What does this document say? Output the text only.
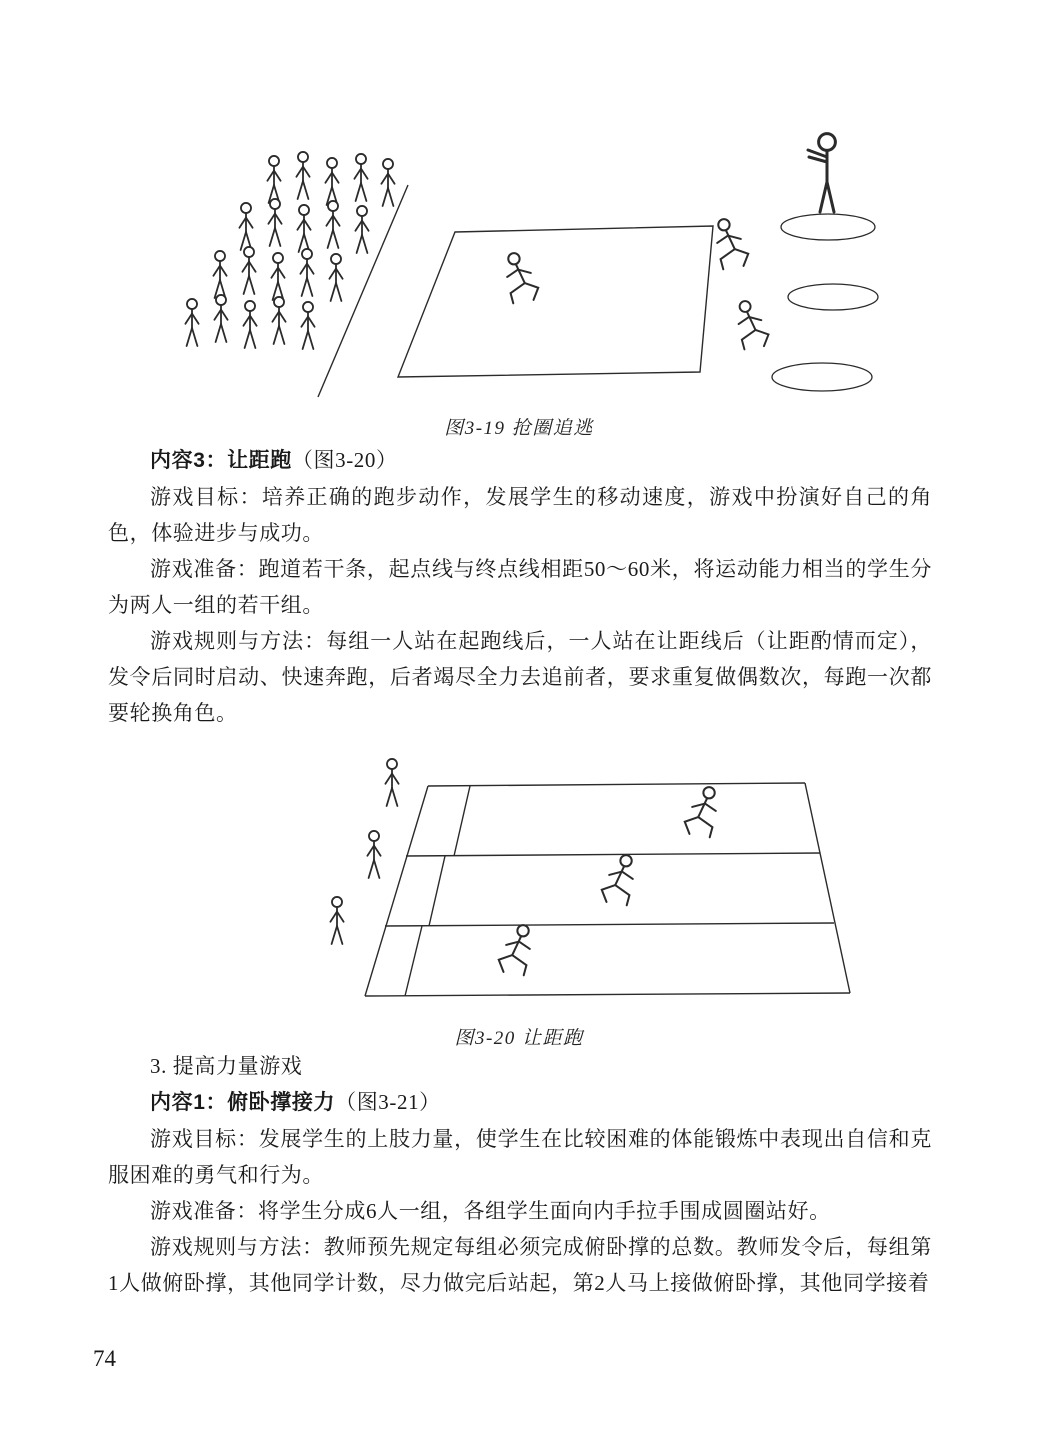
图3-19 抢圈追逃

内容3：让距跑（图3-20）

游戏目标：培养正确的跑步动作，发展学生的移动速度，游戏中扮演好自己的角色，体验进步与成功。

游戏准备：跑道若干条，起点线与终点线相距50～60米，将运动能力相当的学生分为两人一组的若干组。

游戏规则与方法：每组一人站在起跑线后，一人站在让距线后（让距酌情而定），发令后同时启动、快速奔跑，后者竭尽全力去追前者，要求重复做偶数次，每跑一次都要轮换角色。

图3-20 让距跑

3. 提高力量游戏

内容1：俯卧撑接力（图3-21）

游戏目标：发展学生的上肢力量，使学生在比较困难的体能锻炼中表现出自信和克服困难的勇气和行为。

游戏准备：将学生分成6人一组，各组学生面向内手拉手围成圆圈站好。

游戏规则与方法：教师预先规定每组必须完成俯卧撑的总数。教师发令后，每组第1人做俯卧撑，其他同学计数，尽力做完后站起，第2人马上接做俯卧撑，其他同学接着

74
